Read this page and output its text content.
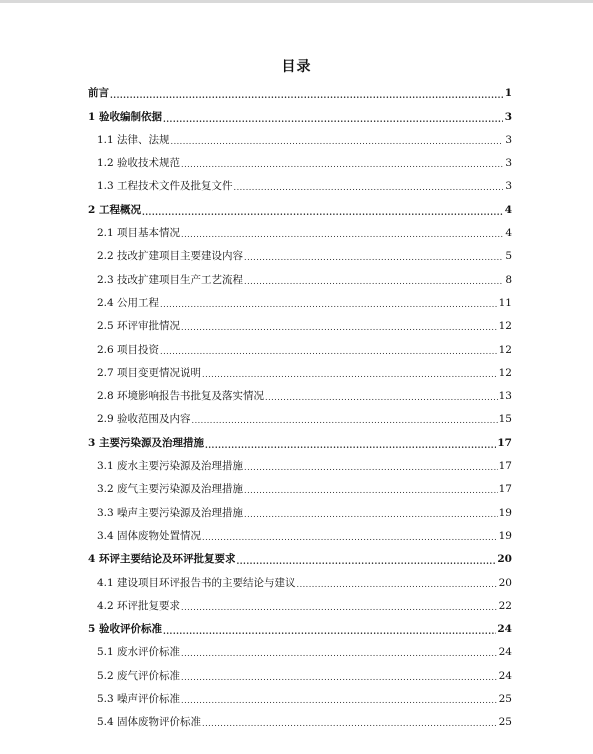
目录
前言 .....	1
1 验收编制依据 .....	3
1.1 法律、法规 .....	3
1.2 验收技术规范 .....	3
1.3 工程技术文件及批复文件 .....	3
2 工程概况 .....	4
2.1 项目基本情况 .....	4
2.2 技改扩建项目主要建设内容 .....	5
2.3 技改扩建项目生产工艺流程 .....	8
2.4 公用工程 .....	11
2.5 环评审批情况 .....	12
2.6 项目投资 .....	12
2.7 项目变更情况说明 .....	12
2.8 环境影响报告书批复及落实情况 .....	13
2.9 验收范围及内容 .....	15
3 主要污染源及治理措施 .....	17
3.1 废水主要污染源及治理措施 .....	17
3.2 废气主要污染源及治理措施 .....	17
3.3 噪声主要污染源及治理措施 .....	19
3.4 固体废物处置情况 .....	19
4 环评主要结论及环评批复要求 .....	20
4.1 建设项目环评报告书的主要结论与建议 .....	20
4.2 环评批复要求 .....	22
5 验收评价标准 .....	24
5.1 废水评价标准 .....	24
5.2 废气评价标准 .....	24
5.3 噪声评价标准 .....	25
5.4 固体废物评价标准 .....	25
